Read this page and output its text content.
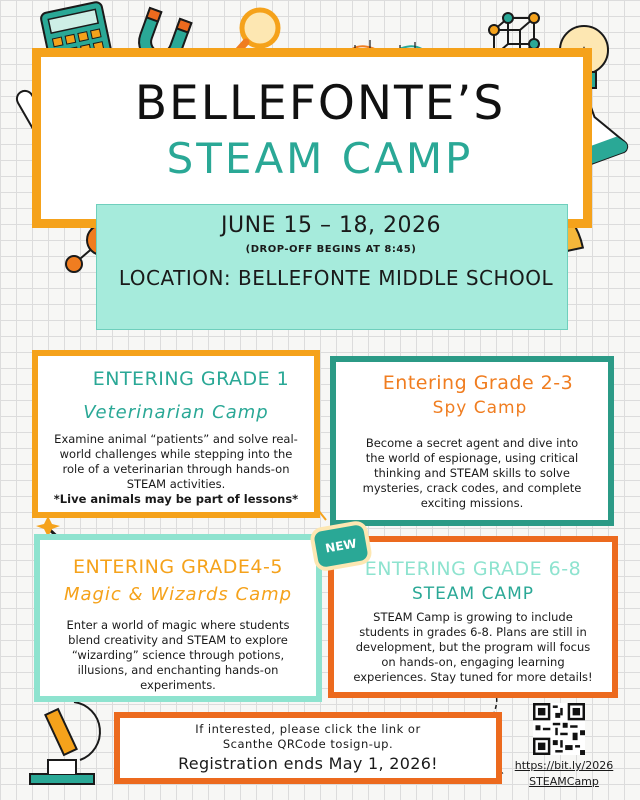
BELLEFONTE’S
STEAM CAMP
JUNE 15 – 18, 2026
(DROP-OFF BEGINS AT 8:45)
LOCATION: BELLEFONTE MIDDLE SCHOOL
ENTERING GRADE 1
Veterinarian Camp
Examine animal “patients” and solve real-world challenges while stepping into the role of a veterinarian through hands-on STEAM activities.
*Live animals may be part of lessons*
Entering Grade 2-3
Spy Camp
Become a secret agent and dive into the world of espionage, using critical thinking and STEAM skills to solve mysteries, crack codes, and complete exciting missions.
ENTERING GRADE4-5
Magic & Wizards Camp
Enter a world of magic where students blend creativity and STEAM to explore “wizarding” science through potions, illusions, and enchanting hands-on experiments.
ENTERING GRADE 6-8
STEAM CAMP
STEAM Camp is growing to include students in grades 6-8. Plans are still in development, but the program will focus on hands-on, engaging learning experiences. Stay tuned for more details!
NEW
If interested, please click the link or
Scanthe QRCode tosign-up.
Registration ends May 1, 2026!	https://bit.ly/2026
STEAMCamp
